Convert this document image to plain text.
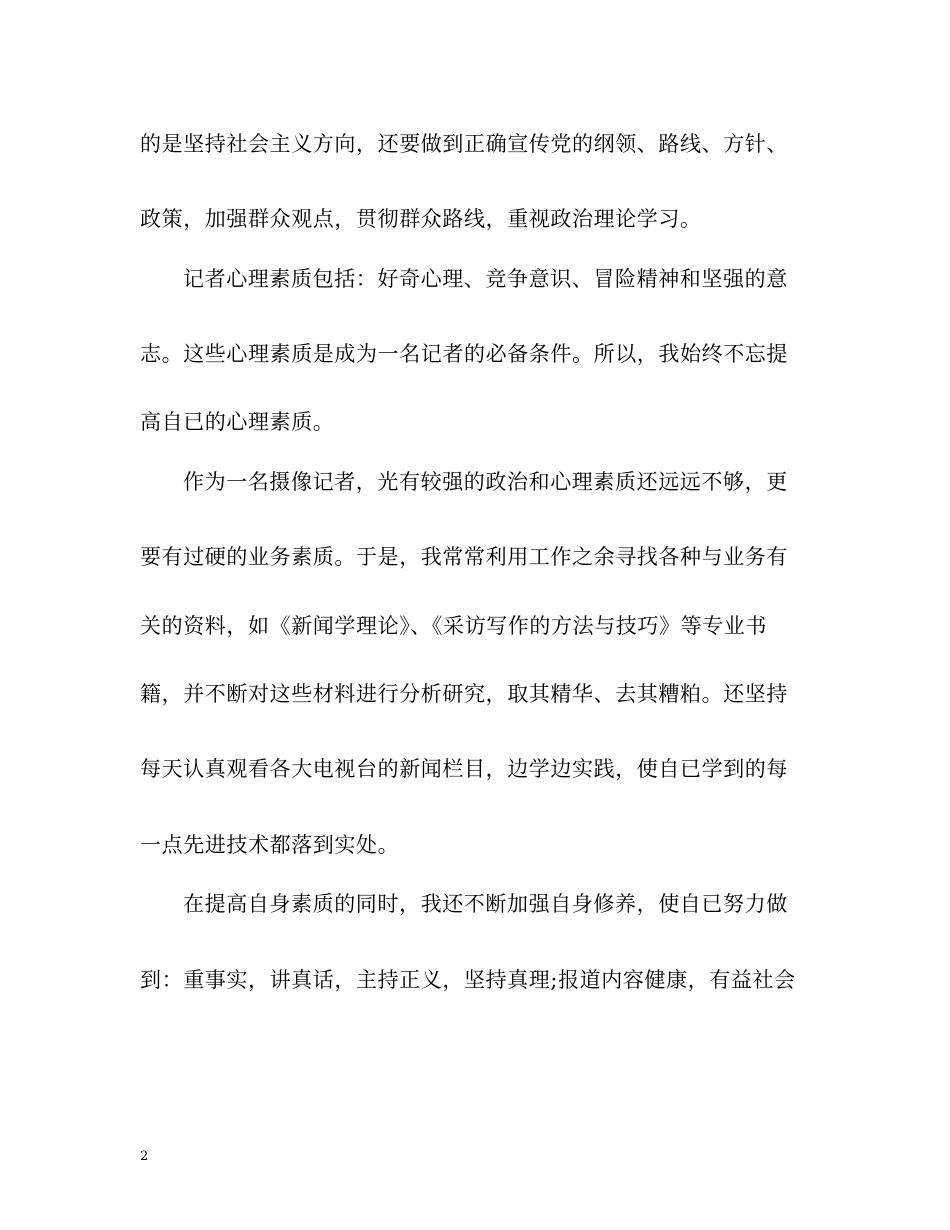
的是坚持社会主义方向，还要做到正确宣传党的纲领、路线、方针、
政策，加强群众观点，贯彻群众路线，重视政治理论学习。
记者心理素质包括：好奇心理、竞争意识、冒险精神和坚强的意
志。这些心理素质是成为一名记者的必备条件。所以，我始终不忘提
高自已的心理素质。
作为一名摄像记者，光有较强的政治和心理素质还远远不够，更
要有过硬的业务素质。于是，我常常利用工作之余寻找各种与业务有
关的资料，如《新闻学理论》、《采访写作的方法与技巧》等专业书
籍，并不断对这些材料进行分析研究，取其精华、去其糟粕。还坚持
每天认真观看各大电视台的新闻栏目，边学边实践，使自已学到的每
一点先进技术都落到实处。
在提高自身素质的同时，我还不断加强自身修养，使自已努力做
到：重事实，讲真话，主持正义，坚持真理;报道内容健康，有益社会
2
